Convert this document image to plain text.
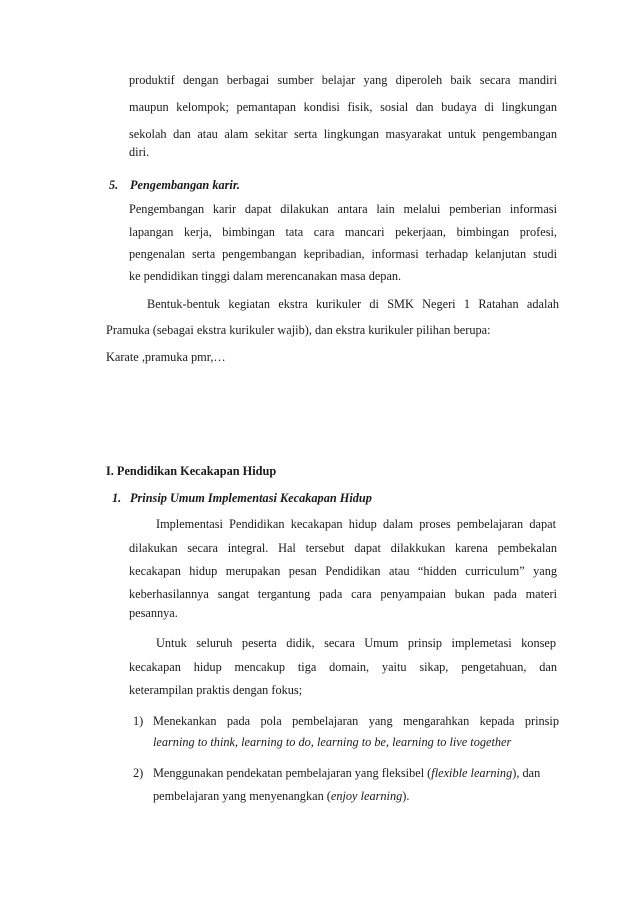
produktif dengan berbagai sumber belajar yang diperoleh baik secara mandiri
maupun kelompok; pemantapan kondisi fisik, sosial dan budaya di lingkungan
sekolah dan atau alam sekitar serta lingkungan masyarakat untuk pengembangan
diri.
5. Pengembangan karir.
Pengembangan karir dapat dilakukan antara lain melalui pemberian informasi
lapangan kerja, bimbingan tata cara mancari pekerjaan, bimbingan profesi,
pengenalan serta pengembangan kepribadian, informasi terhadap kelanjutan studi
ke pendidikan tinggi dalam merencanakan masa depan.
Bentuk-bentuk kegiatan ekstra kurikuler di SMK Negeri 1 Ratahan adalah
Pramuka (sebagai ekstra kurikuler wajib), dan ekstra kurikuler pilihan berupa:
Karate ,pramuka pmr,…
I. Pendidikan Kecakapan Hidup
1. Prinsip Umum Implementasi Kecakapan Hidup
Implementasi Pendidikan kecakapan hidup dalam proses pembelajaran dapat
dilakukan secara integral. Hal tersebut dapat dilakkukan karena pembekalan
kecakapan hidup merupakan pesan Pendidikan atau “hidden curriculum” yang
keberhasilannya sangat tergantung pada cara penyampaian bukan pada materi
pesannya.
Untuk seluruh peserta didik, secara Umum prinsip implemetasi konsep
kecakapan hidup mencakup tiga domain, yaitu sikap, pengetahuan, dan
keterampilan praktis dengan fokus;
1) Menekankan pada pola pembelajaran yang mengarahkan kepada prinsip
learning to think, learning to do, learning to be, learning to live together
2) Menggunakan pendekatan pembelajaran yang fleksibel (flexible learning), dan
pembelajaran yang menyenangkan (enjoy learning).
